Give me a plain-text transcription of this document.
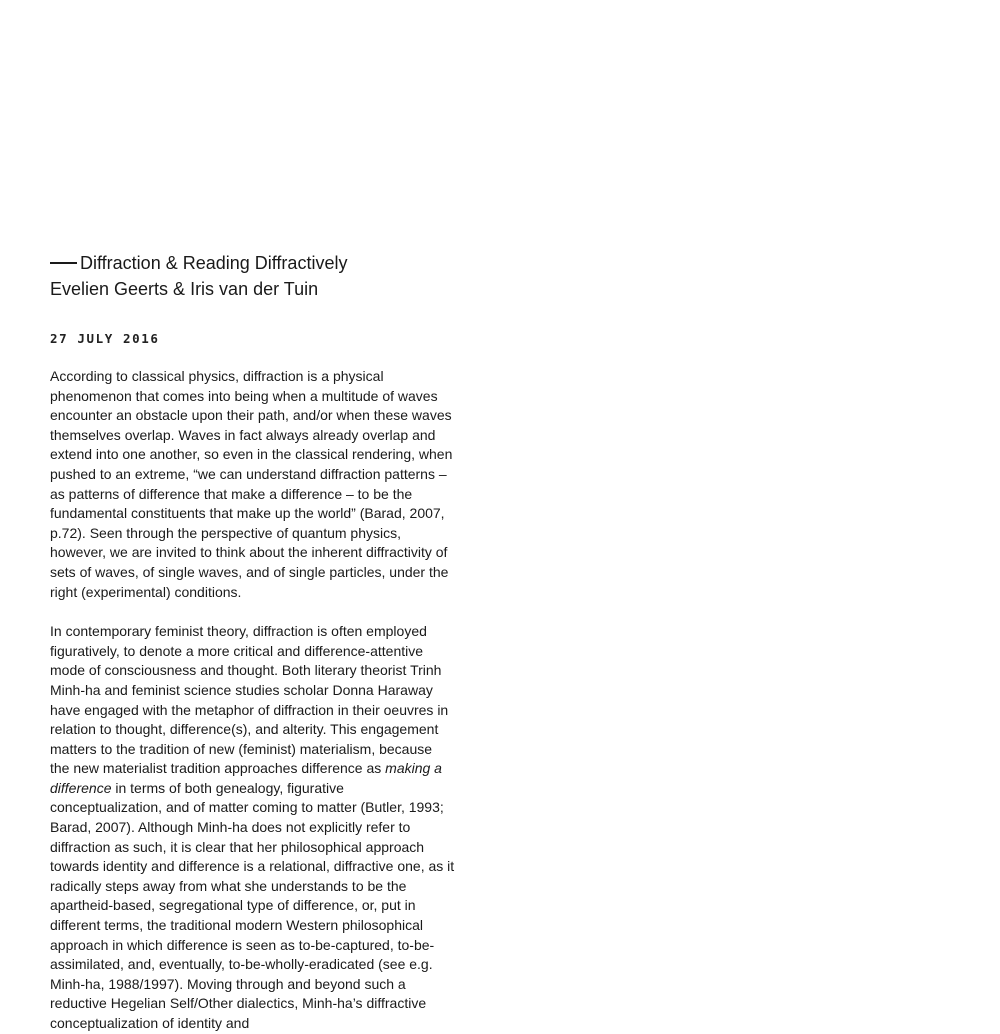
Diffraction & Reading Diffractively
Evelien Geerts & Iris van der Tuin
27 JULY 2016

According to classical physics, diffraction is a physical phenomenon that comes into being when a multitude of waves encounter an obstacle upon their path, and/or when these waves themselves overlap. Waves in fact always already overlap and extend into one another, so even in the classical rendering, when pushed to an extreme, “we can understand diffraction patterns – as patterns of difference that make a difference – to be the fundamental constituents that make up the world” (Barad, 2007, p.72). Seen through the perspective of quantum physics, however, we are invited to think about the inherent diffractivity of sets of waves, of single waves, and of single particles, under the right (experimental) conditions.

In contemporary feminist theory, diffraction is often employed figuratively, to denote a more critical and difference-attentive mode of consciousness and thought. Both literary theorist Trinh Minh-ha and feminist science studies scholar Donna Haraway have engaged with the metaphor of diffraction in their oeuvres in relation to thought, difference(s), and alterity. This engagement matters to the tradition of new (feminist) materialism, because the new materialist tradition approaches difference as making a difference in terms of both genealogy, figurative conceptualization, and of matter coming to matter (Butler, 1993; Barad, 2007). Although Minh-ha does not explicitly refer to diffraction as such, it is clear that her philosophical approach towards identity and difference is a relational, diffractive one, as it radically steps away from what she understands to be the apartheid-based, segregational type of difference, or, put in different terms, the traditional modern Western philosophical approach in which difference is seen as to-be-captured, to-be-assimilated, and, eventually, to-be-wholly-eradicated (see e.g. Minh-ha, 1988/1997). Moving through and beyond such a reductive Hegelian Self/Other dialectics, Minh-ha’s diffractive conceptualization of identity and
